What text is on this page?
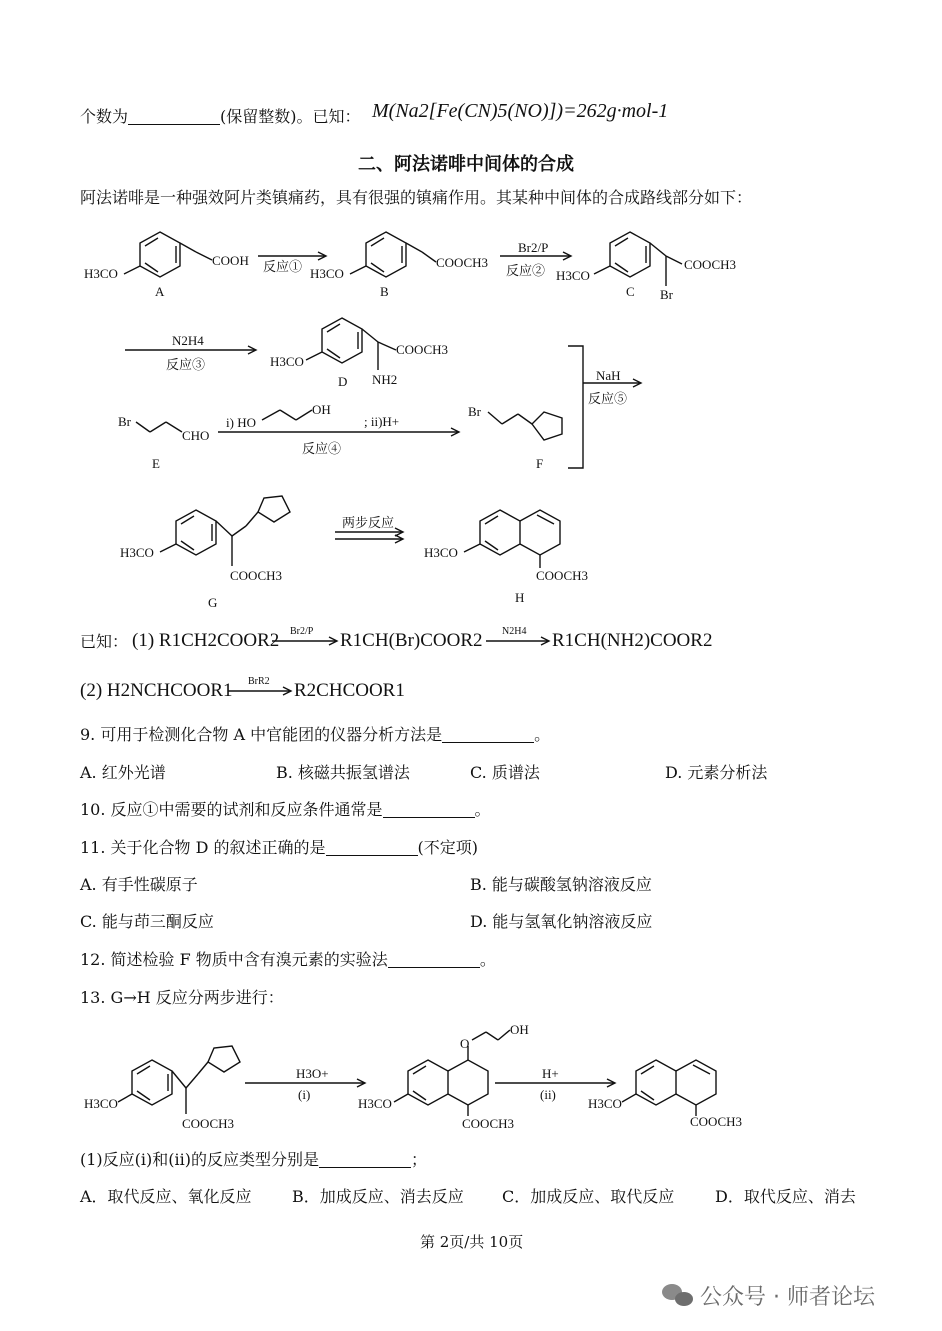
个数为	(保留整数)。已知： M(Na2[Fe(CN)5(NO)])=262g·mol-1
二、阿法诺啡中间体的合成
阿法诺啡是一种强效阿片类镇痛药，具有很强的镇痛作用。其某种中间体的合成路线部分如下：
H3CO
COOH
A
反应① H3CO
COOCH3
B
Br2/P
反应② H3CO
COOCH3
Br
C
N2H4
反应③	H3CO
COOCH3
NH2
D
Br
CHO
E
i) HO
OH
; ii)H+
反应④
Br
F
NaH
反应⑤
H3CO
COOCH3
G
两步反应
H3CO
COOCH3
H
已知： (1) R1CH2COOR2 Br2/P R1CH(Br)COOR2 N2H4 R1CH(NH2)COOR2
(2) H2NCHCOOR1 BrR2 R2CHCOOR1
9. 可用于检测化合物 A 中官能团的仪器分析方法是	。
A. 红外光谱	B. 核磁共振氢谱法	C. 质谱法	D. 元素分析法
10. 反应①中需要的试剂和反应条件通常是	。
11. 关于化合物 D 的叙述正确的是	(不定项)
A. 有手性碳原子	B. 能与碳酸氢钠溶液反应
C. 能与茚三酮反应	D. 能与氢氧化钠溶液反应
12. 简述检验 F 物质中含有溴元素的实验法	。
13. G→H 反应分两步进行：
H3CO
COOCH3
H3O+
(i)
H3CO
COOCH3
O
OH
H+
(ii)
H3CO
COOCH3
(1)反应(i)和(ii)的反应类型分别是	；
A．取代反应、氧化反应	B．加成反应、消去反应 C．加成反应、取代反应	D．取代反应、消去
第 2页/共 10页
公众号 · 师者论坛
